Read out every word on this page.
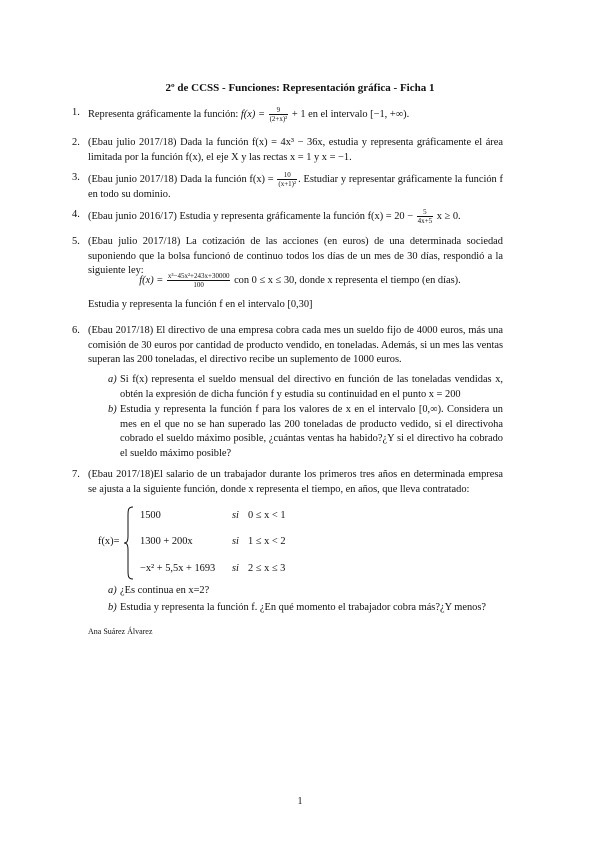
2º de CCSS - Funciones: Representación gráfica - Ficha 1
1. Representa gráficamente la función: $f(x) = \frac{9}{\text{(2+x)²}} + 1$ en el intervalo [−1, +∞).
2. (Ebau julio 2017/18) Dada la función f(x) = 4x³ − 36x, estudia y representa gráficamente el área limitada por la función f(x), el eje X y las rectas x = 1 y x = −1.
3. (Ebau junio 2017/18) Dada la función $f(x) = \frac{10}{\text{(x+1)²}}$ . Estudiar y representar gráficamente la función f en todo su dominio.
4. (Ebau junio 2016/17) Estudia y representa gráficamente la función $f(x) = 20 - \frac{5}{4x+5}$ x ≥ 0.
5. (Ebau julio 2017/18) La cotización de las acciones (en euros) de una determinada sociedad suponiendo que la bolsa funcionó de continuo todos los días de un mes de 30 días, respondió a la siguiente ley:
$f(x) = \frac{\text{x³−45x²+243x+30000}}{100}$ con 0 ≤ x ≤ 30, donde x representa el tiempo (en días).
Estudia y representa la función f en el intervalo [0,30]
6. (Ebau 2017/18) El directivo de una empresa cobra cada mes un sueldo fijo de 4000 euros, más una comisión de 30 euros por cantidad de producto vendido, en toneladas. Además, si un mes las ventas superan las 200 toneladas, el directivo recibe un suplemento de 1000 euros.
a) Si f(x) representa el sueldo mensual del directivo en función de las toneladas vendidas x, obtén la expresión de dicha función f y estudia su continuidad en el punto x = 200
b) Estudia y representa la función f para los valores de x en el intervalo [0,∞). Considera un mes en el que no se han superado las 200 toneladas de producto vedido, si el directivoha cobrado el sueldo máximo posible, ¿cuántas ventas ha habido?¿Y si el directivo ha cobrado el sueldo máximo posible?
7. (Ebau 2017/18)El salario de un trabajador durante los primeros tres años en determinada empresa se ajusta a la siguiente función, donde x representa el tiempo, en años, que lleva contratado:
f(x)=
1500	si 0 ≤ x < 1
1300 + 200x	si 1 ≤ x < 2
−x² + 5,5x + 1693 si 2 ≤ x ≤ 3
a) ¿Es continua en x=2?
b) Estudia y representa la función f. ¿En qué momento el trabajador cobra más?¿Y menos?
Ana Suárez Álvarez
1
